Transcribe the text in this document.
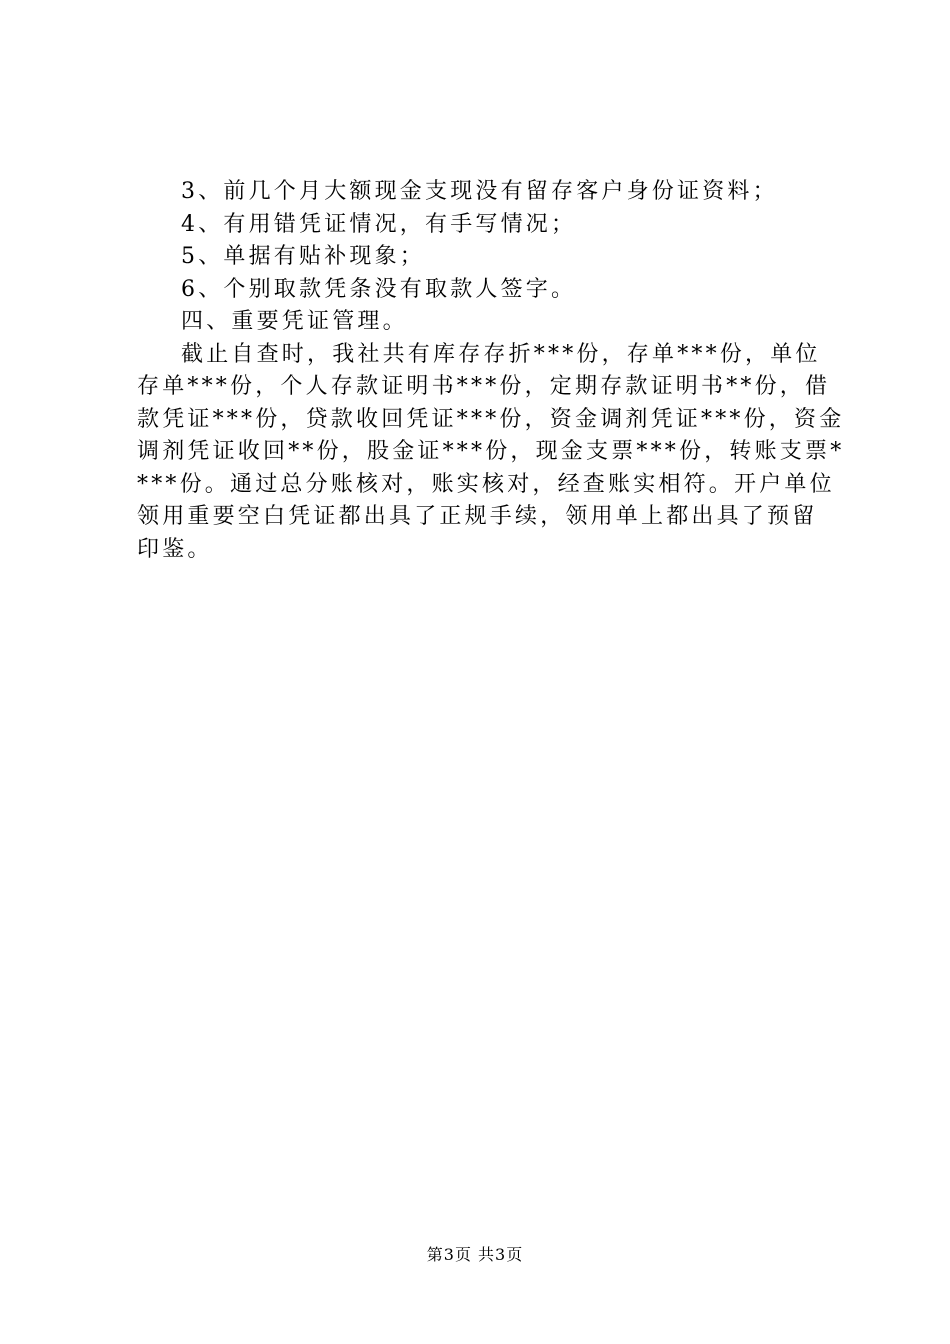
3、前几个月大额现金支现没有留存客户身份证资料；
4、有用错凭证情况，有手写情况；
5、单据有贴补现象；
6、个别取款凭条没有取款人签字。
四、重要凭证管理。
截止自查时，我社共有库存存折***份，存单***份，单位
存单***份，个人存款证明书***份，定期存款证明书**份，借
款凭证***份，贷款收回凭证***份，资金调剂凭证***份，资金
调剂凭证收回**份，股金证***份，现金支票***份，转账支票*
***份。通过总分账核对，账实核对，经查账实相符。开户单位
领用重要空白凭证都出具了正规手续，领用单上都出具了预留
印鉴。
第3页 共3页
